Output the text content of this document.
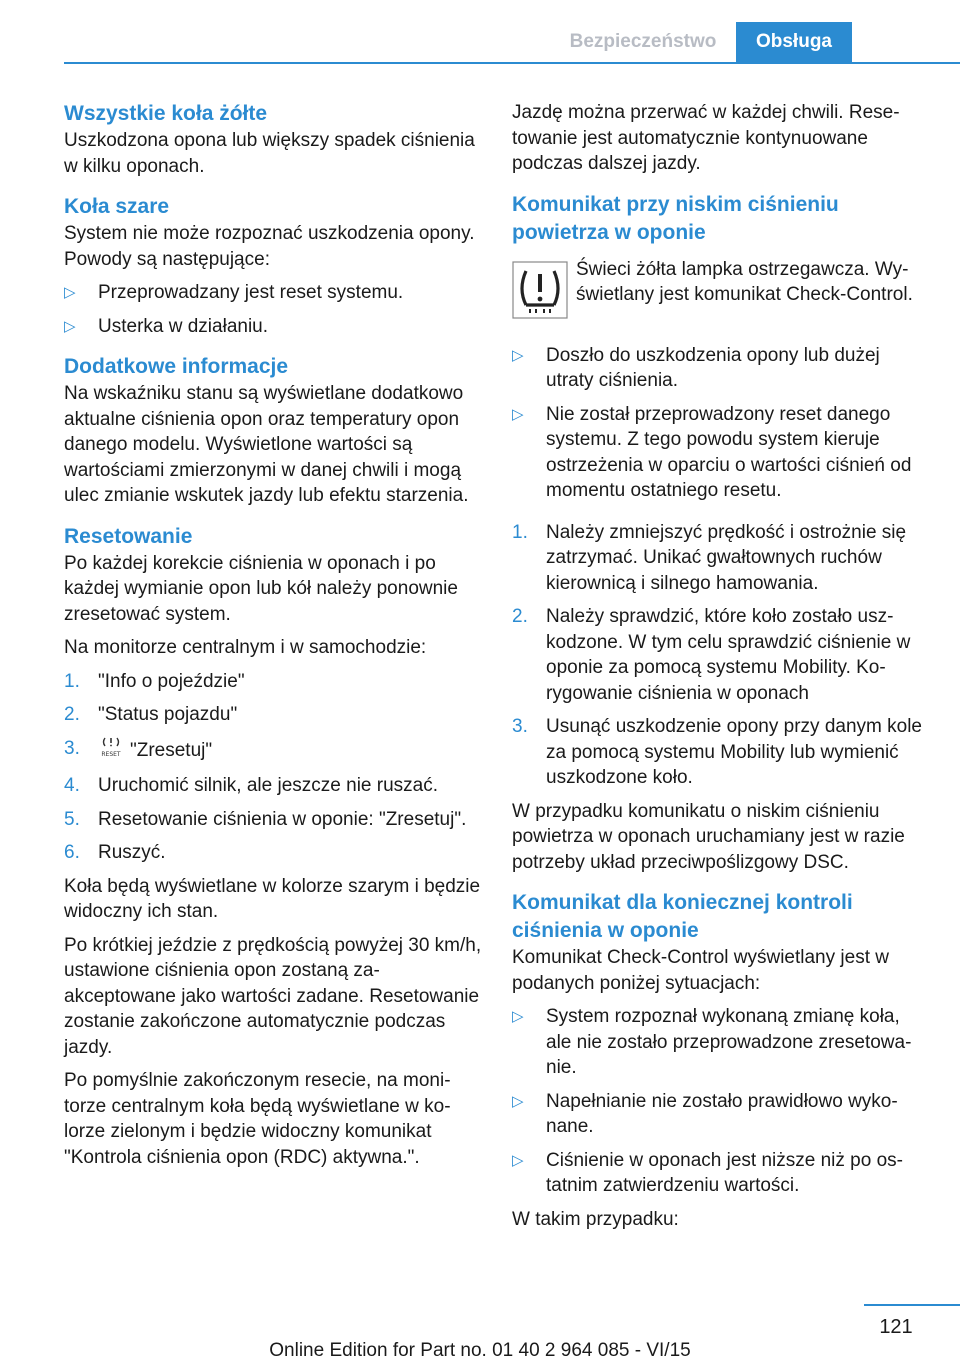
Bezpieczeństwo	Obsługa
Wszystkie koła żółte

Uszkodzona opona lub większy spadek ciśnienia w kilku oponach.

Koła szare

System nie może rozpoznać uszkodzenia opony. Powody są następujące:

▷ Przeprowadzany jest reset systemu.
▷ Usterka w działaniu.
Dodatkowe informacje

Na wskaźniku stanu są wyświetlane dodatkowo aktualne ciśnienia opon oraz temperatury opon danego modelu. Wyświetlone wartości są wartościami zmierzonymi w danej chwili i mogą ulec zmianie wskutek jazdy lub efektu starzenia.

Resetowanie

Po każdej korekcie ciśnienia w oponach i po każdej wymianie opon lub kół należy ponownie zresetować system.

Na monitorze centralnym i w samochodzie:

1. "Info o pojeździe"
2. "Status pojazdu"
3.	RESET "Zresetuj"
4. Uruchomić silnik, ale jeszcze nie ruszać.
5. Resetowanie ciśnienia w oponie: "Zresetuj".
6. Ruszyć.

Koła będą wyświetlane w kolorze szarym i będzie widoczny ich stan.

Po krótkiej jeździe z prędkością powyżej 30 km/h, ustawione ciśnienia opon zostaną zaakceptowane jako wartości zadane. Resetowanie zostanie zakończone automatycznie podczas jazdy.

Po pomyślnie zakończonym resecie, na monitorze centralnym koła będą wyświetlane w kolorze zielonym i będzie widoczny komunikat "Kontrola ciśnienia opon (RDC) aktywna.".

Jazdę można przerwać w każdej chwili. Resetowanie jest automatycznie kontynuowane podczas dalszej jazdy.

Komunikat przy niskim ciśnieniu powietrza w oponie

Świeci żółta lampka ostrzegawcza. Wyświetlany jest komunikat Check-Control.

▷ Doszło do uszkodzenia opony lub dużej utraty ciśnienia.
▷ Nie został przeprowadzony reset danego systemu. Z tego powodu system kieruje ostrzeżenia w oparciu o wartości ciśnień od momentu ostatniego resetu.
1. Należy zmniejszyć prędkość i ostrożnie się zatrzymać. Unikać gwałtownych ruchów kierownicą i silnego hamowania.
2. Należy sprawdzić, które koło zostało uszkodzone. W tym celu sprawdzić ciśnienie w oponie za pomocą systemu Mobility. Korygowanie ciśnienia w oponach
3. Usunąć uszkodzenie opony przy danym kole za pomocą systemu Mobility lub wymienić uszkodzone koło.

W przypadku komunikatu o niskim ciśnieniu powietrza w oponach uruchamiany jest w razie potrzeby układ przeciwpoślizgowy DSC.

Komunikat dla koniecznej kontroli ciśnienia w oponie

Komunikat Check-Control wyświetlany jest w podanych poniżej sytuacjach:

▷ System rozpoznał wykonaną zmianę koła, ale nie zostało przeprowadzone zresetowanie.
▷ Napełnianie nie zostało prawidłowo wykonane.
▷ Ciśnienie w oponach jest niższe niż po ostatnim zatwierdzeniu wartości.

W takim przypadku:

121
Online Edition for Part no. 01 40 2 964 085 - VI/15
